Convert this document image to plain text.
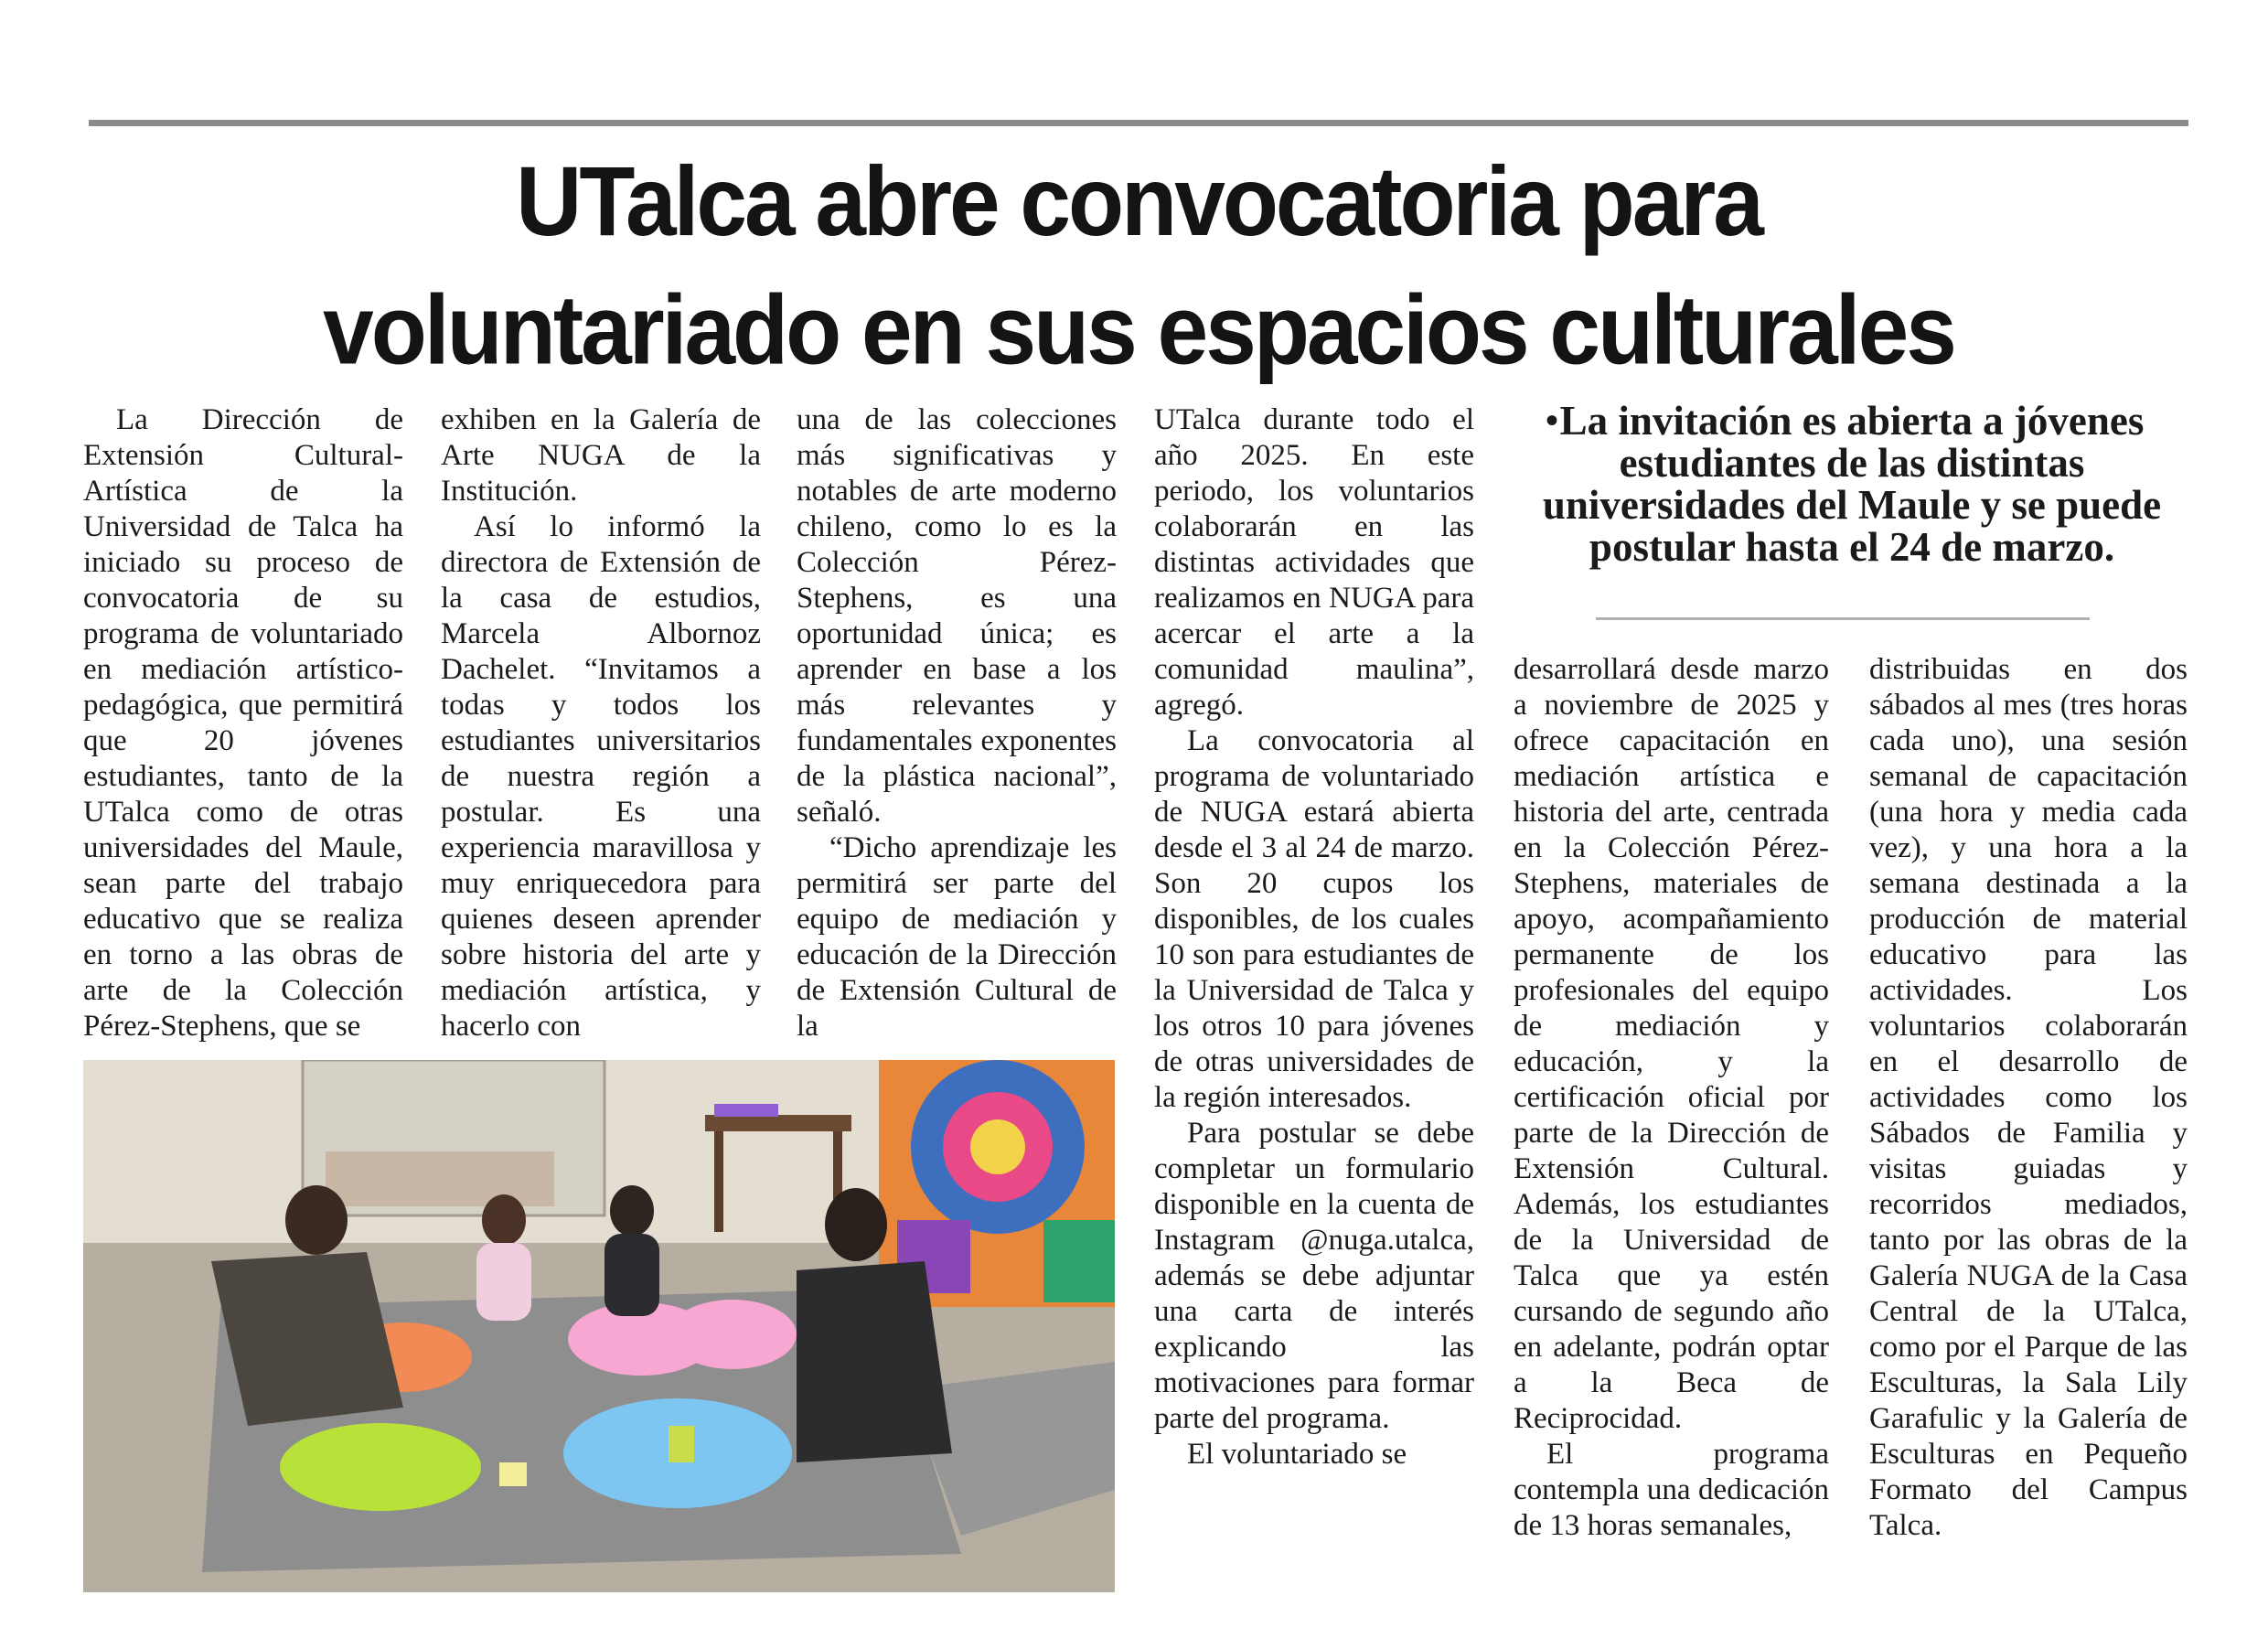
UTalca abre convocatoria para
voluntariado en sus espacios culturales

La Dirección de Extensión Cultural-Artística de la Universidad de Talca ha iniciado su proceso de convocatoria de su programa de voluntariado en mediación artístico-pedagógica, que permitirá que 20 jóvenes estudiantes, tanto de la UTalca como de otras universidades del Maule, sean parte del trabajo educativo que se realiza en torno a las obras de arte de la Colección Pérez-Stephens, que se

exhiben en la Galería de Arte NUGA de la Institución.

Así lo informó la directora de Extensión de la casa de estudios, Marcela Albornoz Dachelet. “Invitamos a todas y todos los estudiantes universitarios de nuestra región a postular. Es una experiencia maravillosa y muy enriquecedora para quienes deseen aprender sobre historia del arte y mediación artística, y hacerlo con

una de las colecciones más significativas y notables de arte moderno chileno, como lo es la Colección Pérez-Stephens, es una oportunidad única; es aprender en base a los más relevantes y fundamentales exponentes de la plástica nacional”, señaló.

“Dicho aprendizaje les permitirá ser parte del equipo de mediación y educación de la Dirección de Extensión Cultural de la

UTalca durante todo el año 2025. En este periodo, los voluntarios colaborarán en las distintas actividades que realizamos en NUGA para acercar el arte a la comunidad maulina”, agregó.

La convocatoria al programa de voluntariado de NUGA estará abierta desde el 3 al 24 de marzo. Son 20 cupos los disponibles, de los cuales 10 son para estudiantes de la Universidad de Talca y los otros 10 para jóvenes de otras universidades de la región interesados.

Para postular se debe completar un formulario disponible en la cuenta de Instagram @nuga.utalca, además se debe adjuntar una carta de interés explicando las motivaciones para formar parte del programa.

El voluntariado se

• La invitación es abierta a jóvenes estudiantes de las distintas universidades del Maule y se puede postular hasta el 24 de marzo.

desarrollará desde marzo a noviembre de 2025 y ofrece capacitación en mediación artística e historia del arte, centrada en la Colección Pérez-Stephens, materiales de apoyo, acompañamiento permanente de los profesionales del equipo de mediación y educación, y la certificación oficial por parte de la Dirección de Extensión Cultural. Además, los estudiantes de la Universidad de Talca que ya estén cursando de segundo año en adelante, podrán optar a la Beca de Reciprocidad.

El programa contempla una dedicación de 13 horas semanales,

distribuidas en dos sábados al mes (tres horas cada uno), una sesión semanal de capacitación (una hora y media cada vez), y una hora a la semana destinada a la producción de material educativo para las actividades. Los voluntarios colaborarán en el desarrollo de actividades como los Sábados de Familia y visitas guiadas y recorridos mediados, tanto por las obras de la Galería NUGA de la Casa Central de la UTalca, como por el Parque de las Esculturas, la Sala Lily Garafulic y la Galería de Esculturas en Pequeño Formato del Campus Talca.
